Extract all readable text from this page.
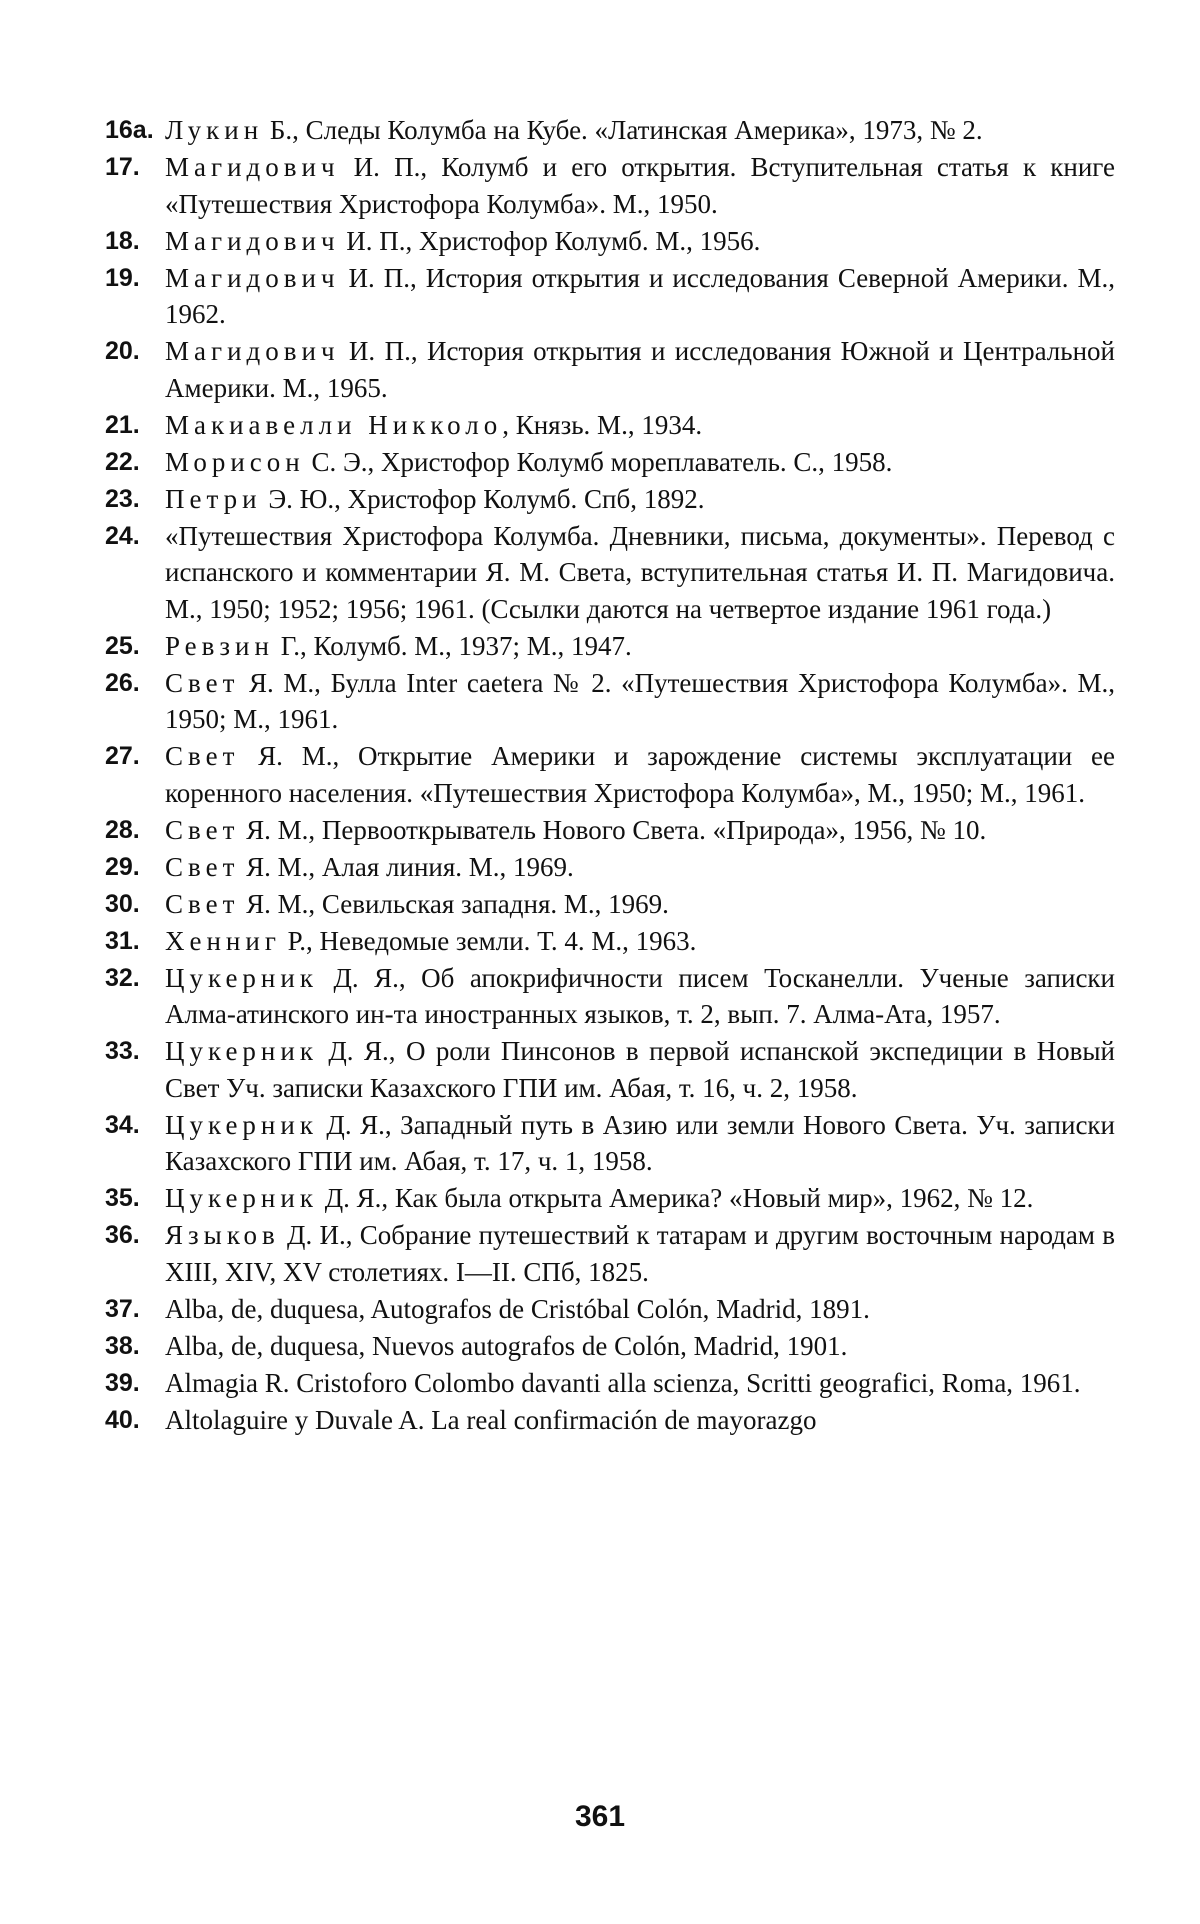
16a. Лукин Б., Следы Колумба на Кубе. «Латинская Америка», 1973, № 2.
17. Магидович И. П., Колумб и его открытия. Вступительная статья к книге «Путешествия Христофора Колумба». М., 1950.
18. Магидович И. П., Христофор Колумб. М., 1956.
19. Магидович И. П., История открытия и исследования Северной Америки. М., 1962.
20. Магидович И. П., История открытия и исследования Южной и Центральной Америки. М., 1965.
21. Макиавелли Никколо, Князь. М., 1934.
22. Морисон С. Э., Христофор Колумб мореплаватель. С., 1958.
23. Петри Э. Ю., Христофор Колумб. Спб, 1892.
24. «Путешествия Христофора Колумба. Дневники, письма, документы». Перевод с испанского и комментарии Я. М. Света, вступительная статья И. П. Магидовича. М., 1950; 1952; 1956; 1961. (Ссылки даются на четвертое издание 1961 года.)
25. Ревзин Г., Колумб. М., 1937; М., 1947.
26. Свет Я. М., Булла Inter caetera № 2. «Путешествия Христофора Колумба». М., 1950; М., 1961.
27. Свет Я. М., Открытие Америки и зарождение системы эксплуатации ее коренного населения. «Путешествия Христофора Колумба», М., 1950; М., 1961.
28. Свет Я. М., Первооткрыватель Нового Света. «Природа», 1956, № 10.
29. Свет Я. М., Алая линия. М., 1969.
30. Свет Я. М., Севильская западня. М., 1969.
31. Хенниг Р., Неведомые земли. Т. 4. М., 1963.
32. Цукерник Д. Я., Об апокрифичности писем Тосканелли. Ученые записки Алма-атинского ин-та иностранных языков, т. 2, вып. 7. Алма-Ата, 1957.
33. Цукерник Д. Я., О роли Пинсонов в первой испанской экспедиции в Новый Свет Уч. записки Казахского ГПИ им. Абая, т. 16, ч. 2, 1958.
34. Цукерник Д. Я., Западный путь в Азию или земли Нового Света. Уч. записки Казахского ГПИ им. Абая, т. 17, ч. 1, 1958.
35. Цукерник Д. Я., Как была открыта Америка? «Новый мир», 1962, № 12.
36. Языков Д. И., Собрание путешествий к татарам и другим восточным народам в XIII, XIV, XV столетиях. I—II. СПб, 1825.
37. Alba, de, duquesa, Autografos de Cristóbal Colón, Madrid, 1891.
38. Alba, de, duquesa, Nuevos autografos de Colón, Madrid, 1901.
39. Almagia R. Cristoforo Colombo davanti alla scienza, Scritti geografici, Roma, 1961.
40. Altolaguire y Duvale A. La real confirmación de mayorazgo
361
